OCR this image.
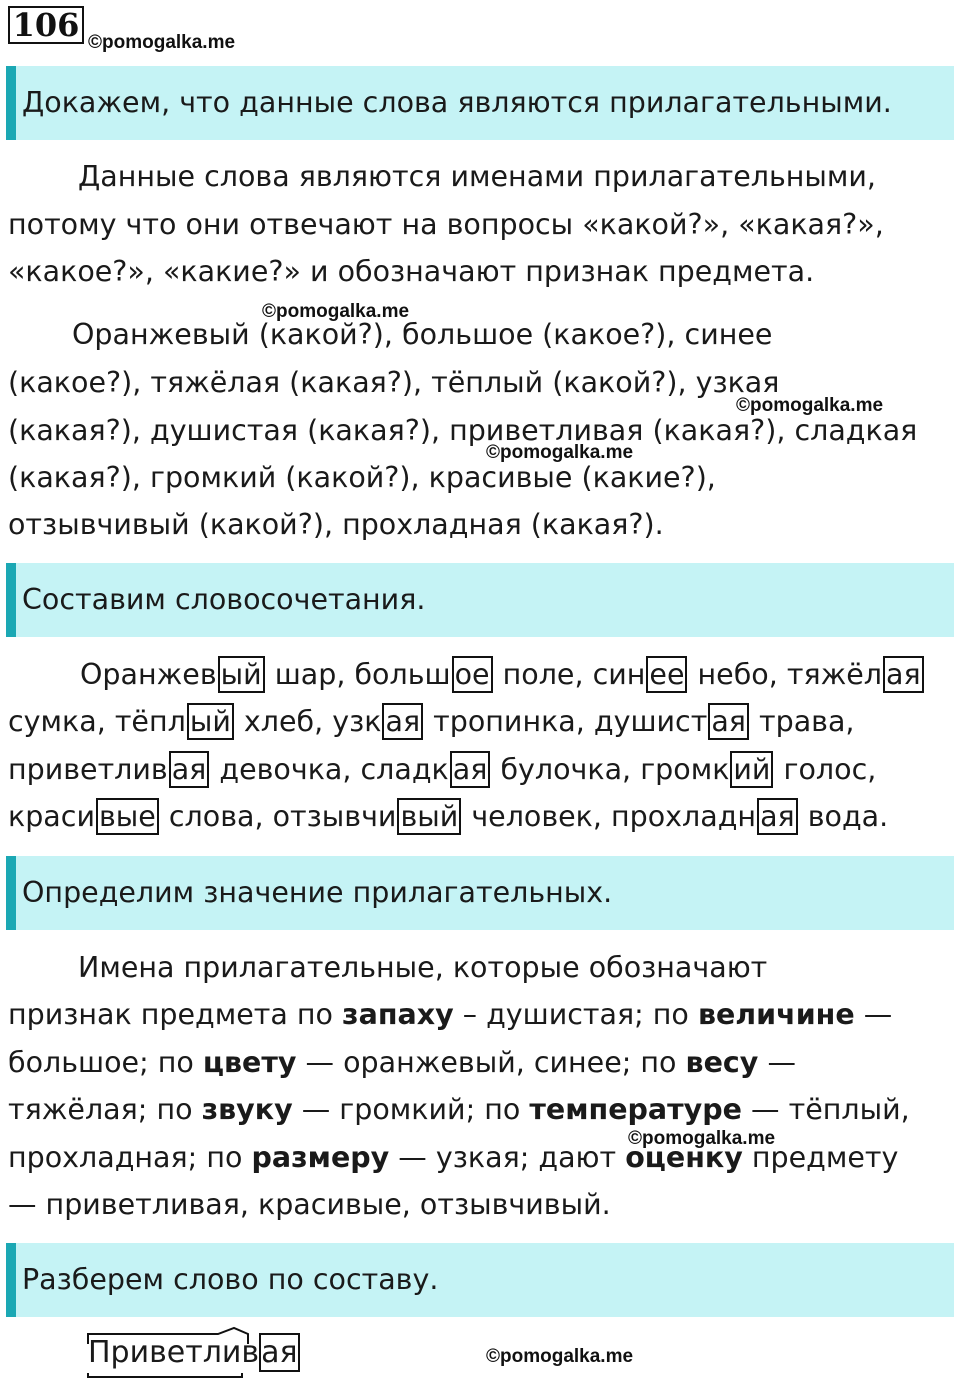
106 ©pomogalka.me
Докажем, что данные слова являются прилагательными.
Данные слова являются именами прилагательными,
потому что они отвечают на вопросы «какой?», «какая?»,
«какое?», «какие?» и обозначают признак предмета.
©pomogalka.me
Оранжевый (какой?), большое (какое?), синее
(какое?), тяжёлая (какая?), тёплый (какой?), узкая
©pomogalka.me
(какая?), душистая (какая?), приветливая (какая?), сладкая
©pomogalka.me
(какая?), громкий (какой?), красивые (какие?),
отзывчивый (какой?), прохладная (какая?).
Составим словосочетания.
Оранжев ый шар, больш ое поле, син ее небо, тяжёл ая
сумка, тёпл ый хлеб, узк ая тропинка, душист ая трава,
приветлив ая девочка, сладк ая булочка, громк ий голос,
краси вые слова, отзывчи вый человек, прохладн ая вода.
Определим значение прилагательных.
Имена прилагательные, которые обозначают
признак предмета по запаху – душистая; по величине —
большое; по цвету — оранжевый, синее; по весу —
тяжёлая; по звуку — громкий; по температуре — тёплый,
©pomogalka.me
прохладная; по размеру — узкая; дают оценку предмету
— приветливая, красивые, отзывчивый.
Разберем слово по составу.
Приветливая	©pomogalka.me
